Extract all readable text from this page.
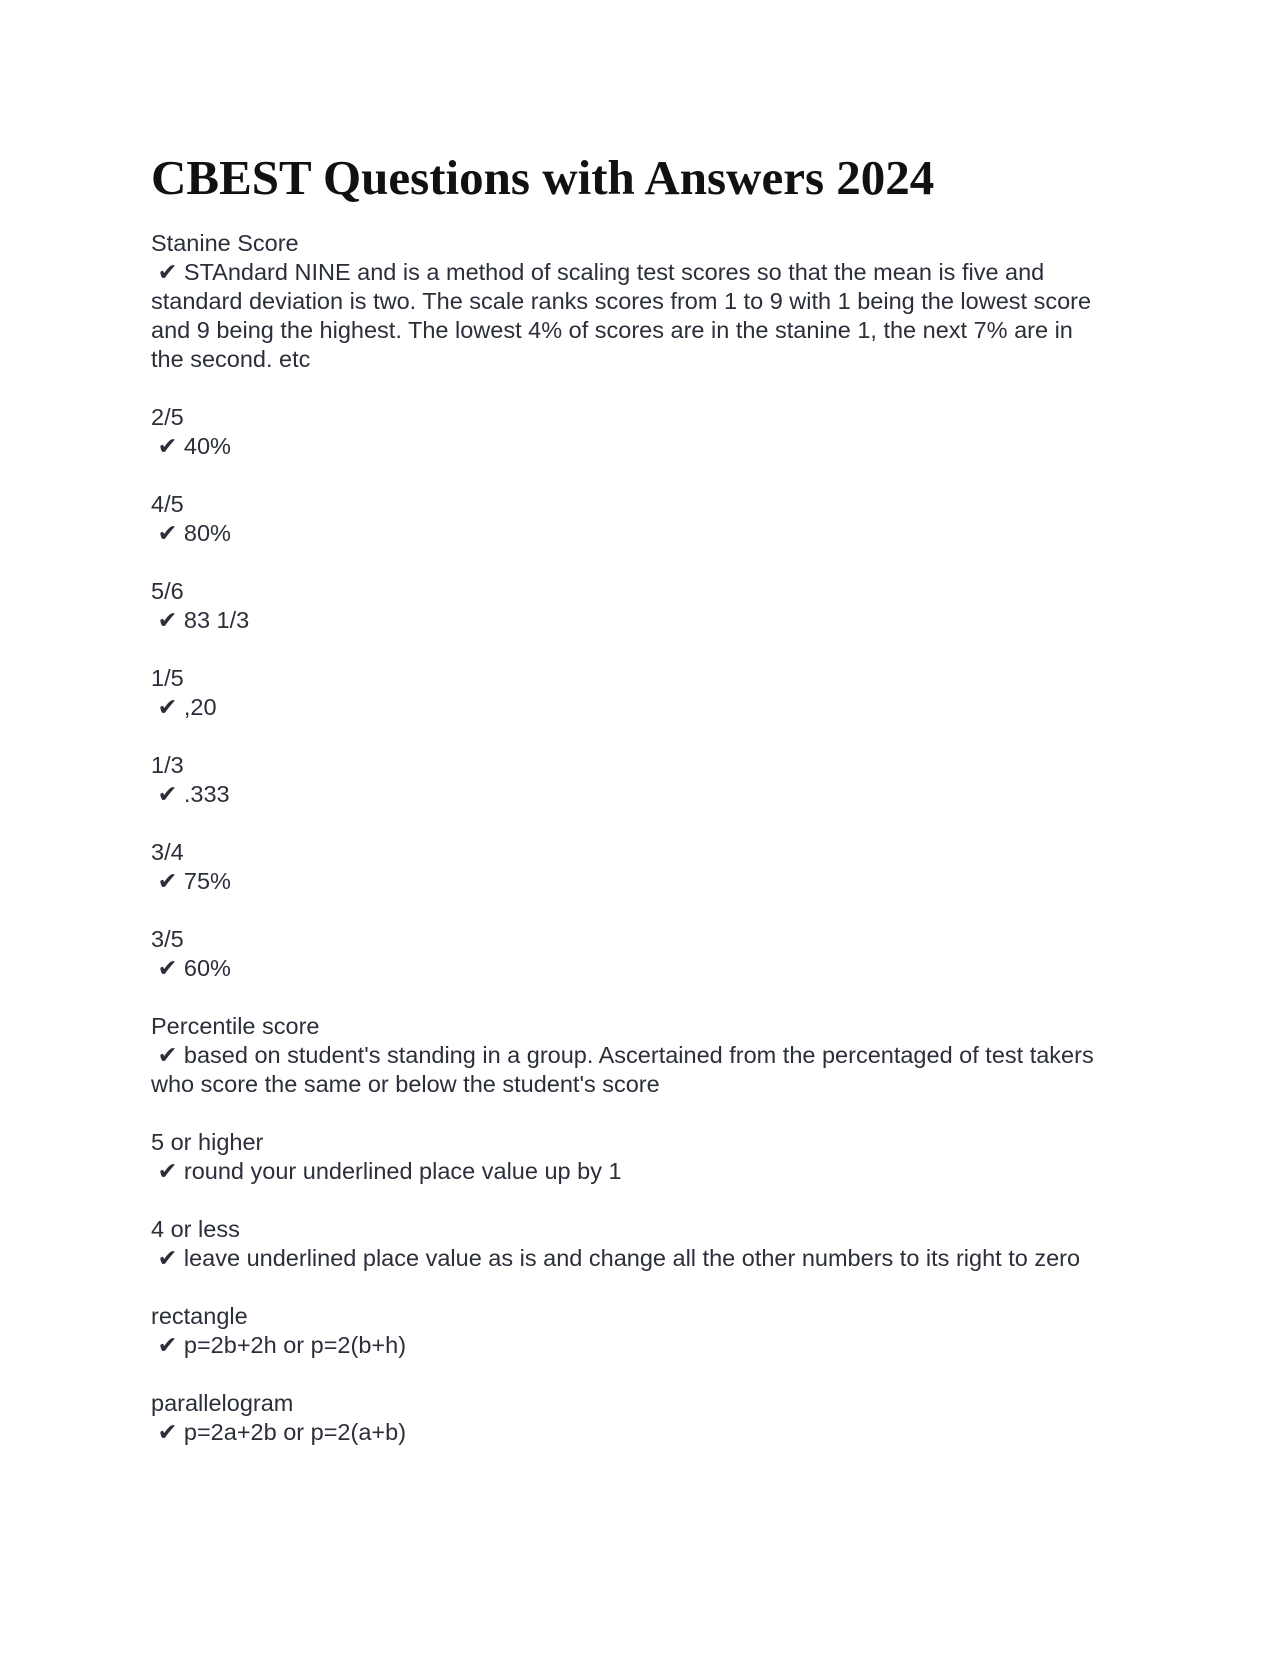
CBEST Questions with Answers 2024
Stanine Score
✔ STAndard NINE and is a method of scaling test scores so that the mean is five and standard deviation is two. The scale ranks scores from 1 to 9 with 1 being the lowest score and 9 being the highest. The lowest 4% of scores are in the stanine 1, the next 7% are in the second. etc
2/5
✔ 40%
4/5
✔ 80%
5/6
✔ 83 1/3
1/5
✔ ,20
1/3
✔ .333
3/4
✔ 75%
3/5
✔ 60%
Percentile score
✔ based on student's standing in a group. Ascertained from the percentaged of test takers who score the same or below the student's score
5 or higher
✔ round your underlined place value up by 1
4 or less
✔ leave underlined place value as is and change all the other numbers to its right to zero
rectangle
✔ p=2b+2h or p=2(b+h)
parallelogram
✔ p=2a+2b or p=2(a+b)
